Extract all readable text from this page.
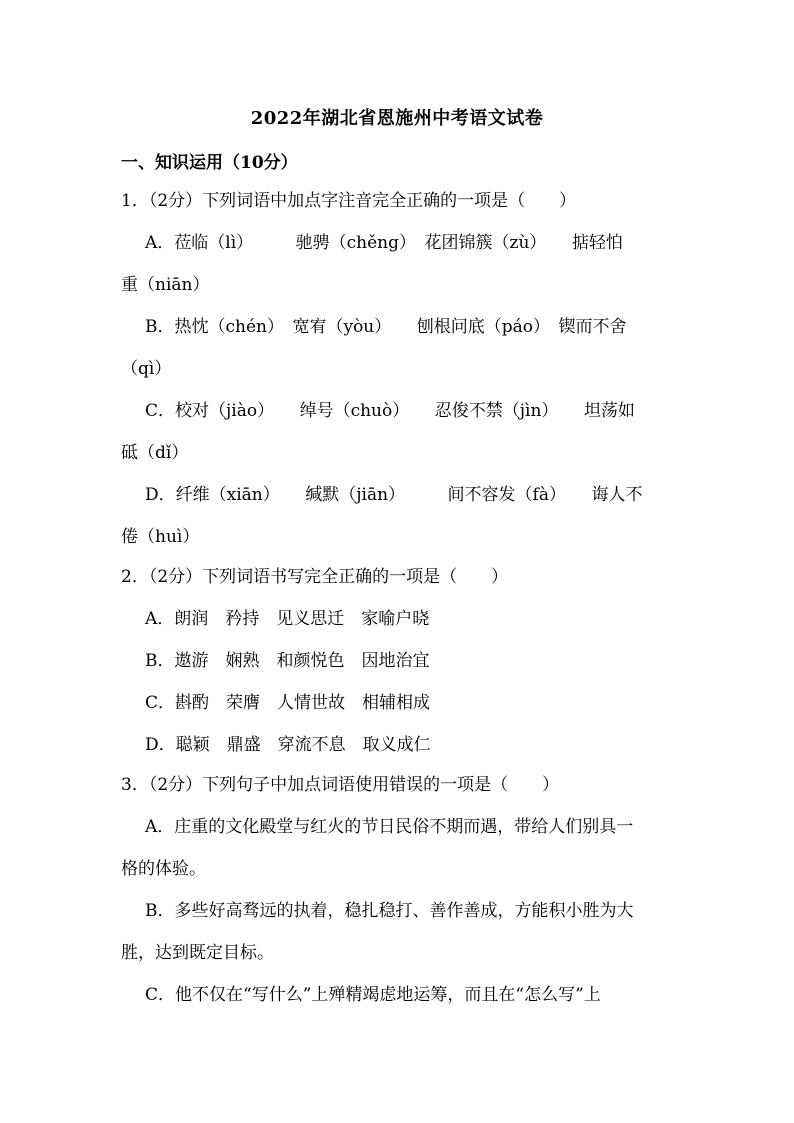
2022年湖北省恩施州中考语文试卷
一、知识运用（10分）
1．（2分）下列词语中加点字注音完全正确的一项是（　　）
A．莅临（lì）　　　驰骋（chěng）　花团锦簇（zù）　　掂轻怕
重（niān）
B．热忱（chén）　宽宥（yòu）　　刨根问底（páo）　锲而不舍
（qì）
C．校对（jiào）　　绰号（chuò）　　忍俊不禁（jìn）　　坦荡如
砥（dǐ）
D．纤维（xiān）　　缄默（jiān）　　　间不容发（fà）　　诲人不
倦（huì）
2．（2分）下列词语书写完全正确的一项是（　　）
A．朗润　矜持　见义思迁　家喻户晓
B．遨游　娴熟　和颜悦色　因地治宜
C．斟酌　荣膺　人情世故　相辅相成
D．聪颖　鼎盛　穿流不息　取义成仁
3．（2分）下列句子中加点词语使用错误的一项是（　　）
A．庄重的文化殿堂与红火的节日民俗不期而遇，带给人们别具一
格的体验。
B．多些好高骛远的执着，稳扎稳打、善作善成，方能积小胜为大
胜，达到既定目标。
C．他不仅在“写什么”上殚精竭虑地运筹，而且在“怎么写”上
